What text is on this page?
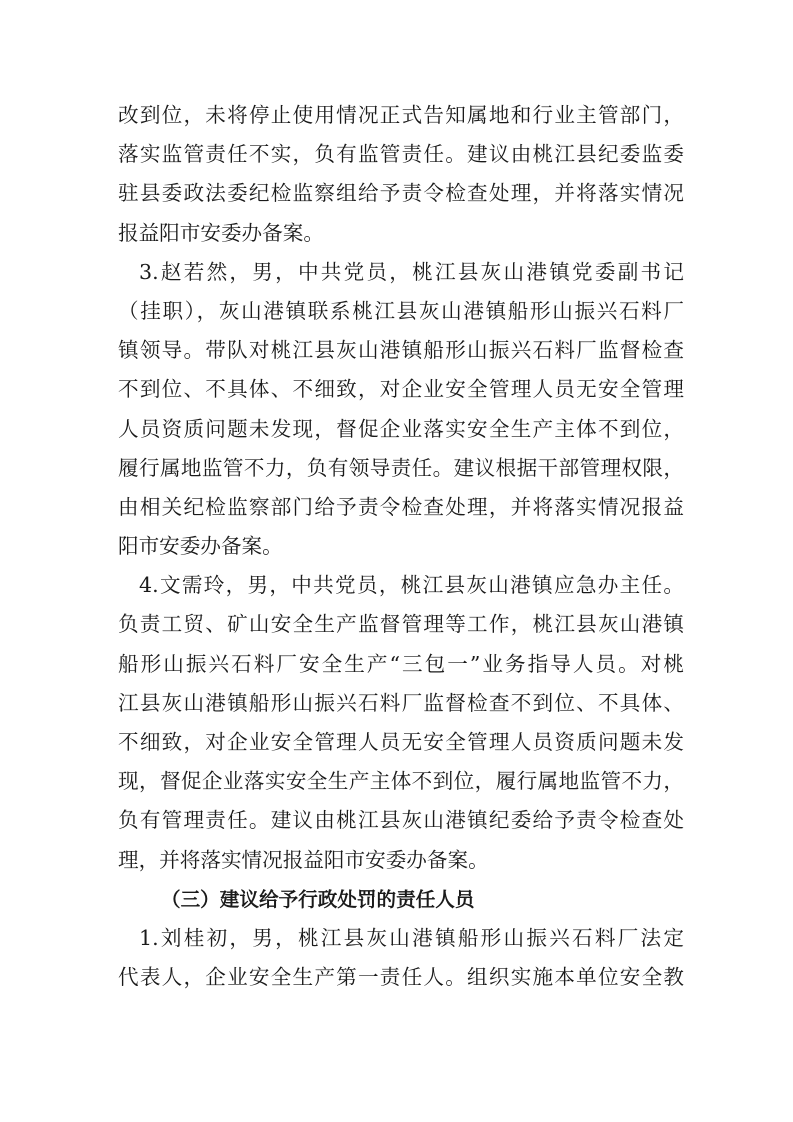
改到位，未将停止使用情况正式告知属地和行业主管部门，
落实监管责任不实，负有监管责任。建议由桃江县纪委监委
驻县委政法委纪检监察组给予责令检查处理，并将落实情况
报益阳市安委办备案。
3.赵若然，男，中共党员，桃江县灰山港镇党委副书记
（挂职），灰山港镇联系桃江县灰山港镇船形山振兴石料厂
镇领导。带队对桃江县灰山港镇船形山振兴石料厂监督检查
不到位、不具体、不细致，对企业安全管理人员无安全管理
人员资质问题未发现，督促企业落实安全生产主体不到位，
履行属地监管不力，负有领导责任。建议根据干部管理权限，
由相关纪检监察部门给予责令检查处理，并将落实情况报益
阳市安委办备案。
4.文需玲，男，中共党员，桃江县灰山港镇应急办主任。
负责工贸、矿山安全生产监督管理等工作，桃江县灰山港镇
船形山振兴石料厂安全生产“三包一”业务指导人员。对桃
江县灰山港镇船形山振兴石料厂监督检查不到位、不具体、
不细致，对企业安全管理人员无安全管理人员资质问题未发
现，督促企业落实安全生产主体不到位，履行属地监管不力，
负有管理责任。建议由桃江县灰山港镇纪委给予责令检查处
理，并将落实情况报益阳市安委办备案。
（三）建议给予行政处罚的责任人员
1.刘桂初，男，桃江县灰山港镇船形山振兴石料厂法定
代表人，企业安全生产第一责任人。组织实施本单位安全教
